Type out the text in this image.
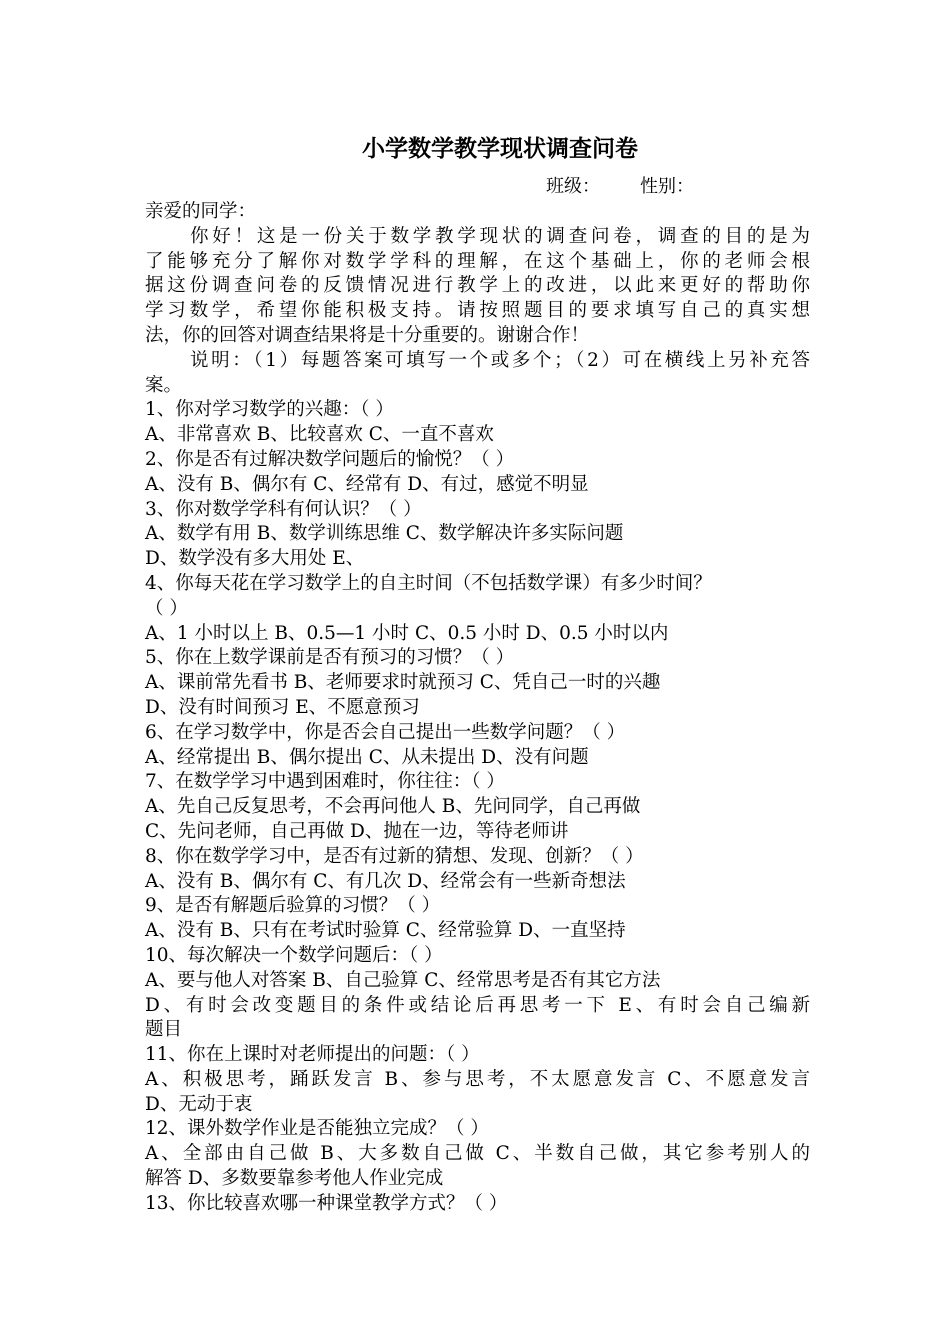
小学数学教学现状调查问卷
班级： 性别：
亲爱的同学：
你好！这是一份关于数学教学现状的调查问卷，调查的目的是为
了能够充分了解你对数学学科的理解，在这个基础上，你的老师会根
据这份调查问卷的反馈情况进行教学上的改进，以此来更好的帮助你
学习数学，希望你能积极支持。请按照题目的要求填写自己的真实想
法，你的回答对调查结果将是十分重要的。谢谢合作！
说明：（1）每题答案可填写一个或多个；（2）可在横线上另补充答
案。
1、你对学习数学的兴趣：（ ）
A、非常喜欢 B、比较喜欢 C、一直不喜欢
2、你是否有过解决数学问题后的愉悦？（ ）
A、没有 B、偶尔有 C、经常有 D、有过，感觉不明显
3、你对数学学科有何认识？（ ）
A、数学有用 B、数学训练思维 C、数学解决许多实际问题
D、数学没有多大用处 E、
4、你每天花在学习数学上的自主时间（不包括数学课）有多少时间？
（ ）
A、1 小时以上 B、0.5—1 小时 C、0.5 小时 D、0.5 小时以内
5、你在上数学课前是否有预习的习惯？（ ）
A、课前常先看书 B、老师要求时就预习 C、凭自己一时的兴趣
D、没有时间预习 E、不愿意预习
6、在学习数学中，你是否会自己提出一些数学问题？（ ）
A、经常提出 B、偶尔提出 C、从未提出 D、没有问题
7、在数学学习中遇到困难时，你往往：（ ）
A、先自己反复思考，不会再问他人 B、先问同学，自己再做
C、先问老师，自己再做 D、抛在一边，等待老师讲
8、你在数学学习中，是否有过新的猜想、发现、创新？（ ）
A、没有 B、偶尔有 C、有几次 D、经常会有一些新奇想法
9、是否有解题后验算的习惯？（ ）
A、没有 B、只有在考试时验算 C、经常验算 D、一直坚持
10、每次解决一个数学问题后：（ ）
A、要与他人对答案 B、自己验算 C、经常思考是否有其它方法
D、有时会改变题目的条件或结论后再思考一下 E、有时会自己编新
题目
11、你在上课时对老师提出的问题：（ ）
A、积极思考，踊跃发言 B、参与思考，不太愿意发言 C、不愿意发言
D、无动于衷
12、课外数学作业是否能独立完成？（ ）
A、全部由自己做 B、大多数自己做 C、半数自己做，其它参考别人的
解答 D、多数要靠参考他人作业完成
13、你比较喜欢哪一种课堂教学方式？（ ）
